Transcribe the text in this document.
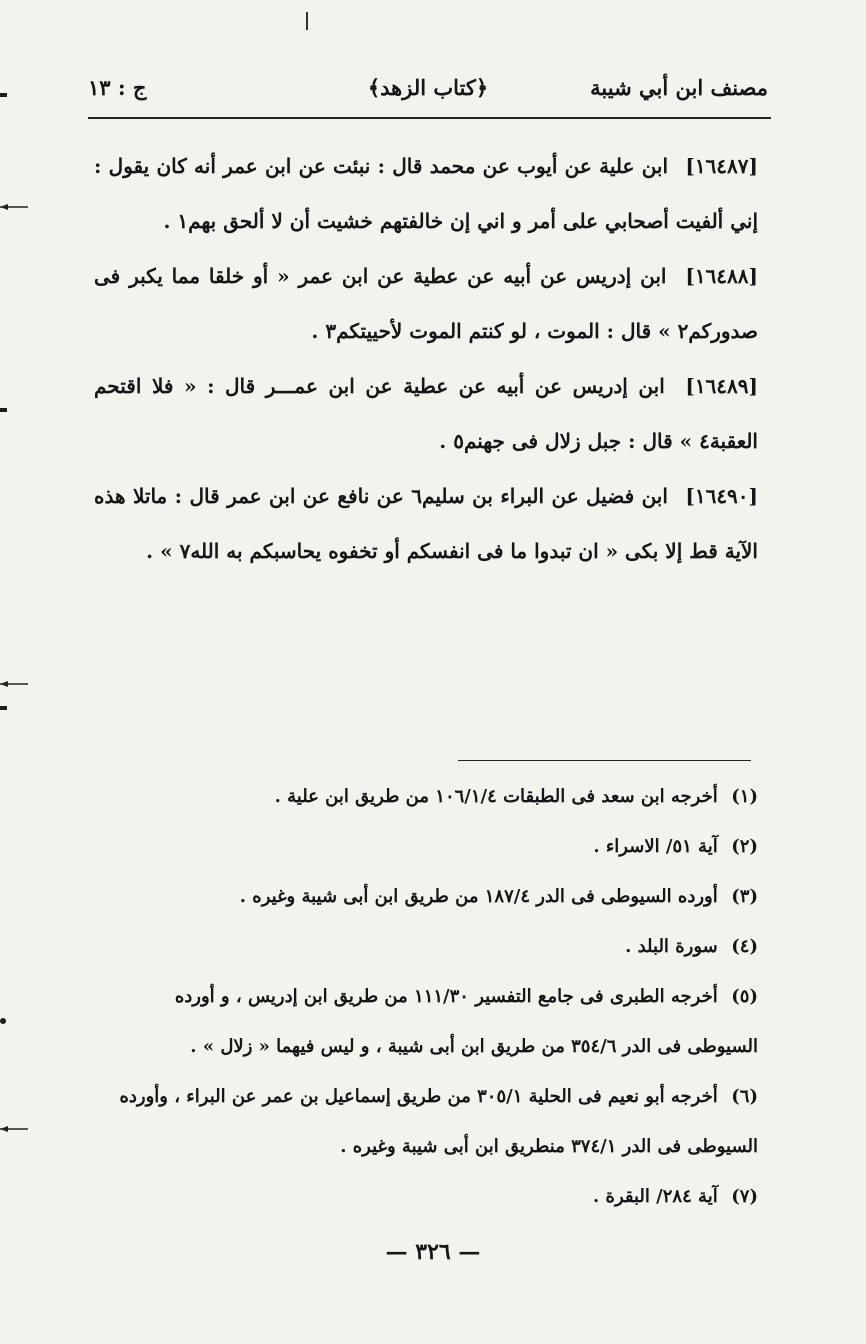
مصنف ابن أبي شيبة
﴿كتاب الزهد﴾
ج : ١٣

[١٦٤٨٧] ابن علية عن أيوب عن محمد قال : نبئت عن ابن عمر أنه كان يقول : إني ألفيت أصحابي على أمر و اني إن خالفتهم خشيت أن لا ألحق بهم١ .

[١٦٤٨٨] ابن إدريس عن أبيه عن عطية عن ابن عمر « أو خلقا مما يكبر فى صدوركم٢ » قال : الموت ، لو كنتم الموت لأحييتكم٣ .

[١٦٤٨٩] ابن إدريس عن أبيه عن عطية عن ابن عمـــر قال : « فلا اقتحم العقبة٤ » قال : جبل زلال فى جهنم٥ .

[١٦٤٩٠] ابن فضيل عن البراء بن سليم٦ عن نافع عن ابن عمر قال : ماتلا هذه الآية قط إلا بكى « ان تبدوا ما فى انفسكم أو تخفوه يحاسبكم به الله٧ » .

(١) أخرجه ابن سعد فى الطبقات ١٠٦/١/٤ من طريق ابن علية .

(٢) آية ٥١/ الاسراء .

(٣) أورده السيوطى فى الدر ١٨٧/٤ من طريق ابن أبى شيبة وغيره .

(٤) سورة البلد .

(٥) أخرجه الطبرى فى جامع التفسير ١١١/٣٠ من طريق ابن إدريس ، و أورده السيوطى فى الدر ٣٥٤/٦ من طريق ابن أبى شيبة ، و ليس فيهما « زلال » .

(٦) أخرجه أبو نعيم فى الحلية ٣٠٥/١ من طريق إسماعيل بن عمر عن البراء ، وأورده السيوطى فى الدر ٣٧٤/١ منطريق ابن أبى شيبة وغيره .

(٧) آية ٢٨٤/ البقرة .

— ٣٢٦ —
